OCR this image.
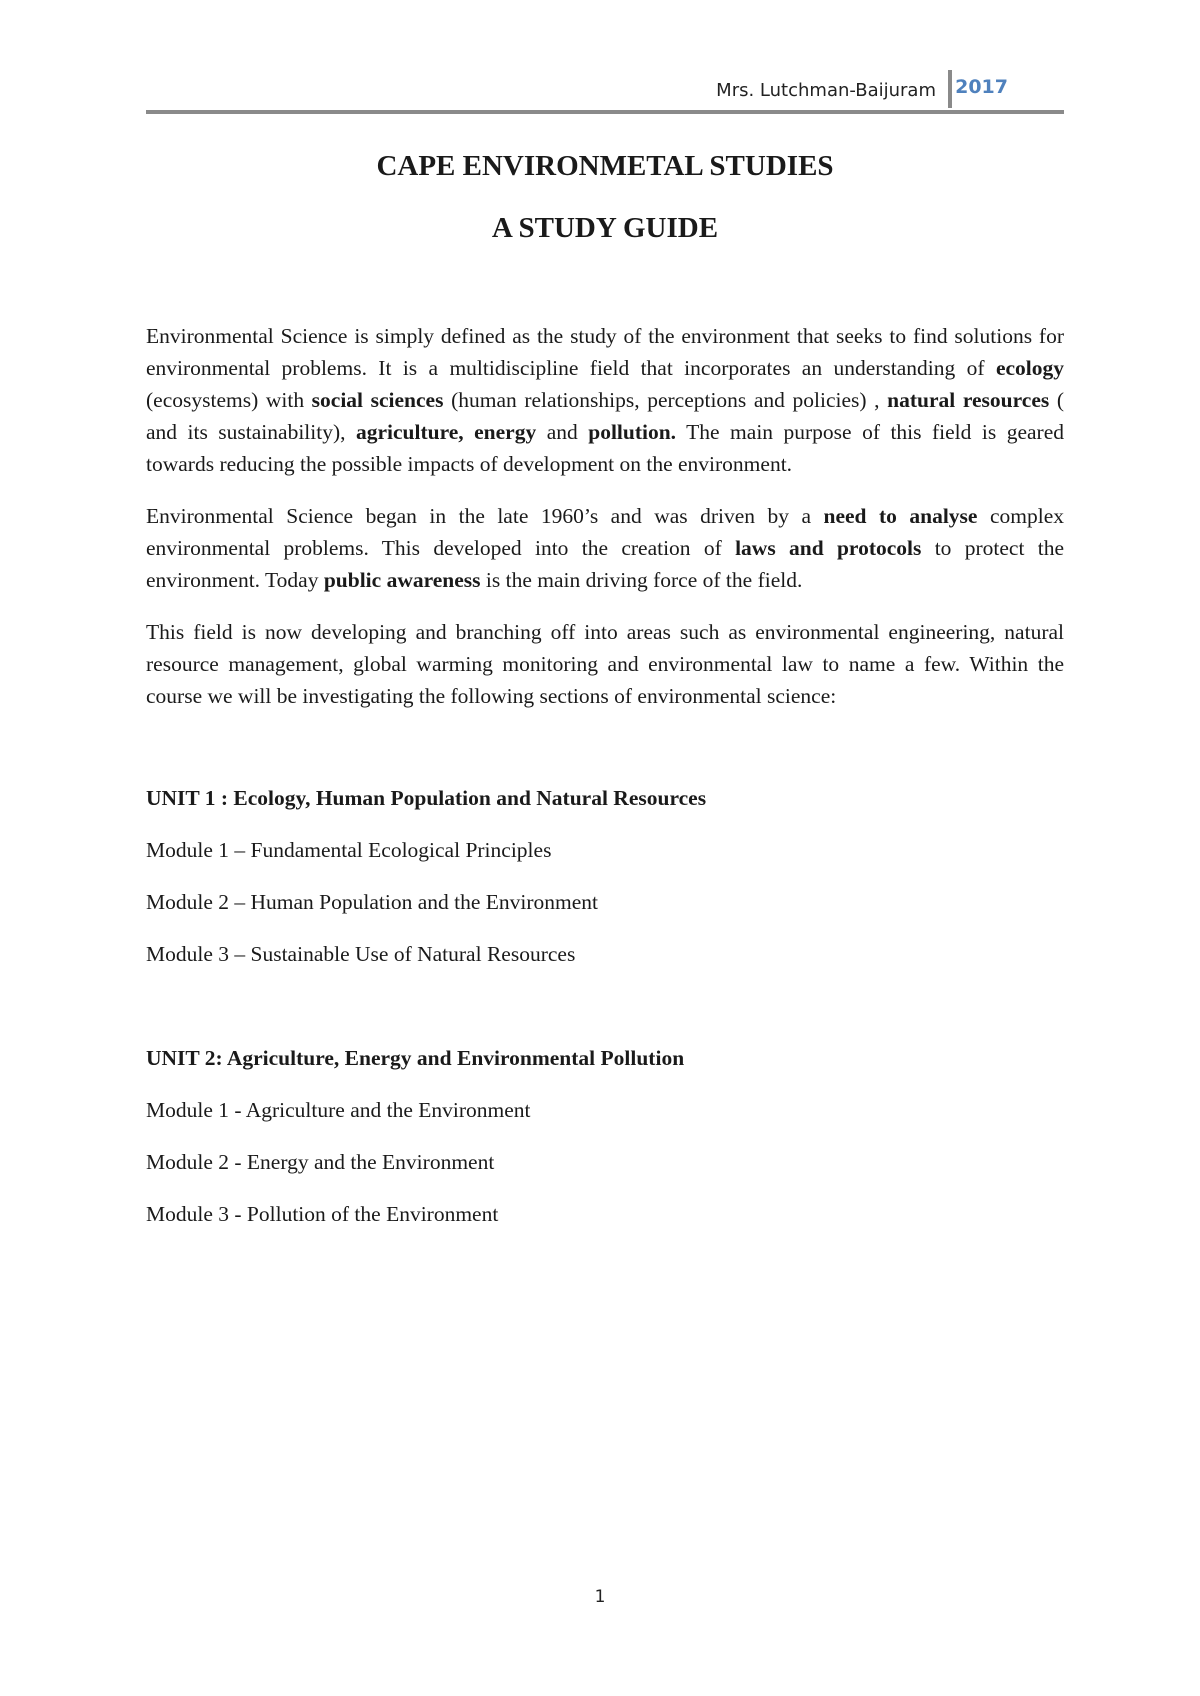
Mrs. Lutchman-Baijuram 2017
CAPE ENVIRONMETAL STUDIES
A STUDY GUIDE

Environmental Science is simply defined as the study of the environment that seeks to find solutions for environmental problems. It is a multidiscipline field that incorporates an understanding of ecology (ecosystems) with social sciences (human relationships, perceptions and policies) , natural resources ( and its sustainability), agriculture, energy and pollution. The main purpose of this field is geared towards reducing the possible impacts of development on the environment.

Environmental Science began in the late 1960’s and was driven by a need to analyse complex environmental problems. This developed into the creation of laws and protocols to protect the environment. Today public awareness is the main driving force of the field.

This field is now developing and branching off into areas such as environmental engineering, natural resource management, global warming monitoring and environmental law to name a few. Within the course we will be investigating the following sections of environmental science:

UNIT 1 : Ecology, Human Population and Natural Resources

Module 1 – Fundamental Ecological Principles

Module 2 – Human Population and the Environment

Module 3 – Sustainable Use of Natural Resources

UNIT 2: Agriculture, Energy and Environmental Pollution

Module 1 - Agriculture and the Environment

Module 2 - Energy and the Environment

Module 3 - Pollution of the Environment

1
